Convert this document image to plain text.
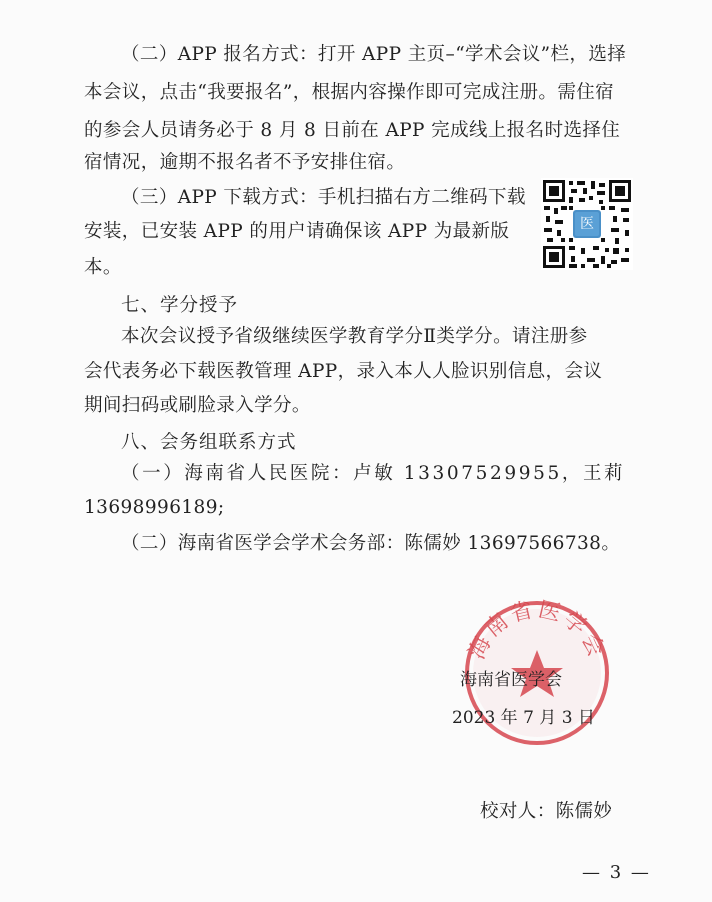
（二）APP 报名方式：打开 APP 主页–“学术会议”栏，选择
本会议，点击“我要报名”，根据内容操作即可完成注册。需住宿
的参会人员请务必于 8 月 8 日前在 APP 完成线上报名时选择住
宿情况，逾期不报名者不予安排住宿。
（三）APP 下载方式：手机扫描右方二维码下载
安装，已安装 APP 的用户请确保该 APP 为最新版
本。
医
七、学分授予
本次会议授予省级继续医学教育学分Ⅱ类学分。请注册参
会代表务必下载医教管理 APP，录入本人人脸识别信息，会议
期间扫码或刷脸录入学分。
八、会务组联系方式
（一）海南省人民医院：卢敏 13307529955，王莉
13698996189;
（二）海南省医学会学术会务部：陈儒妙 13697566738。
海南省医学会
海南省医学会
2023 年 7 月 3 日
校对人：陈儒妙
— 3 —
